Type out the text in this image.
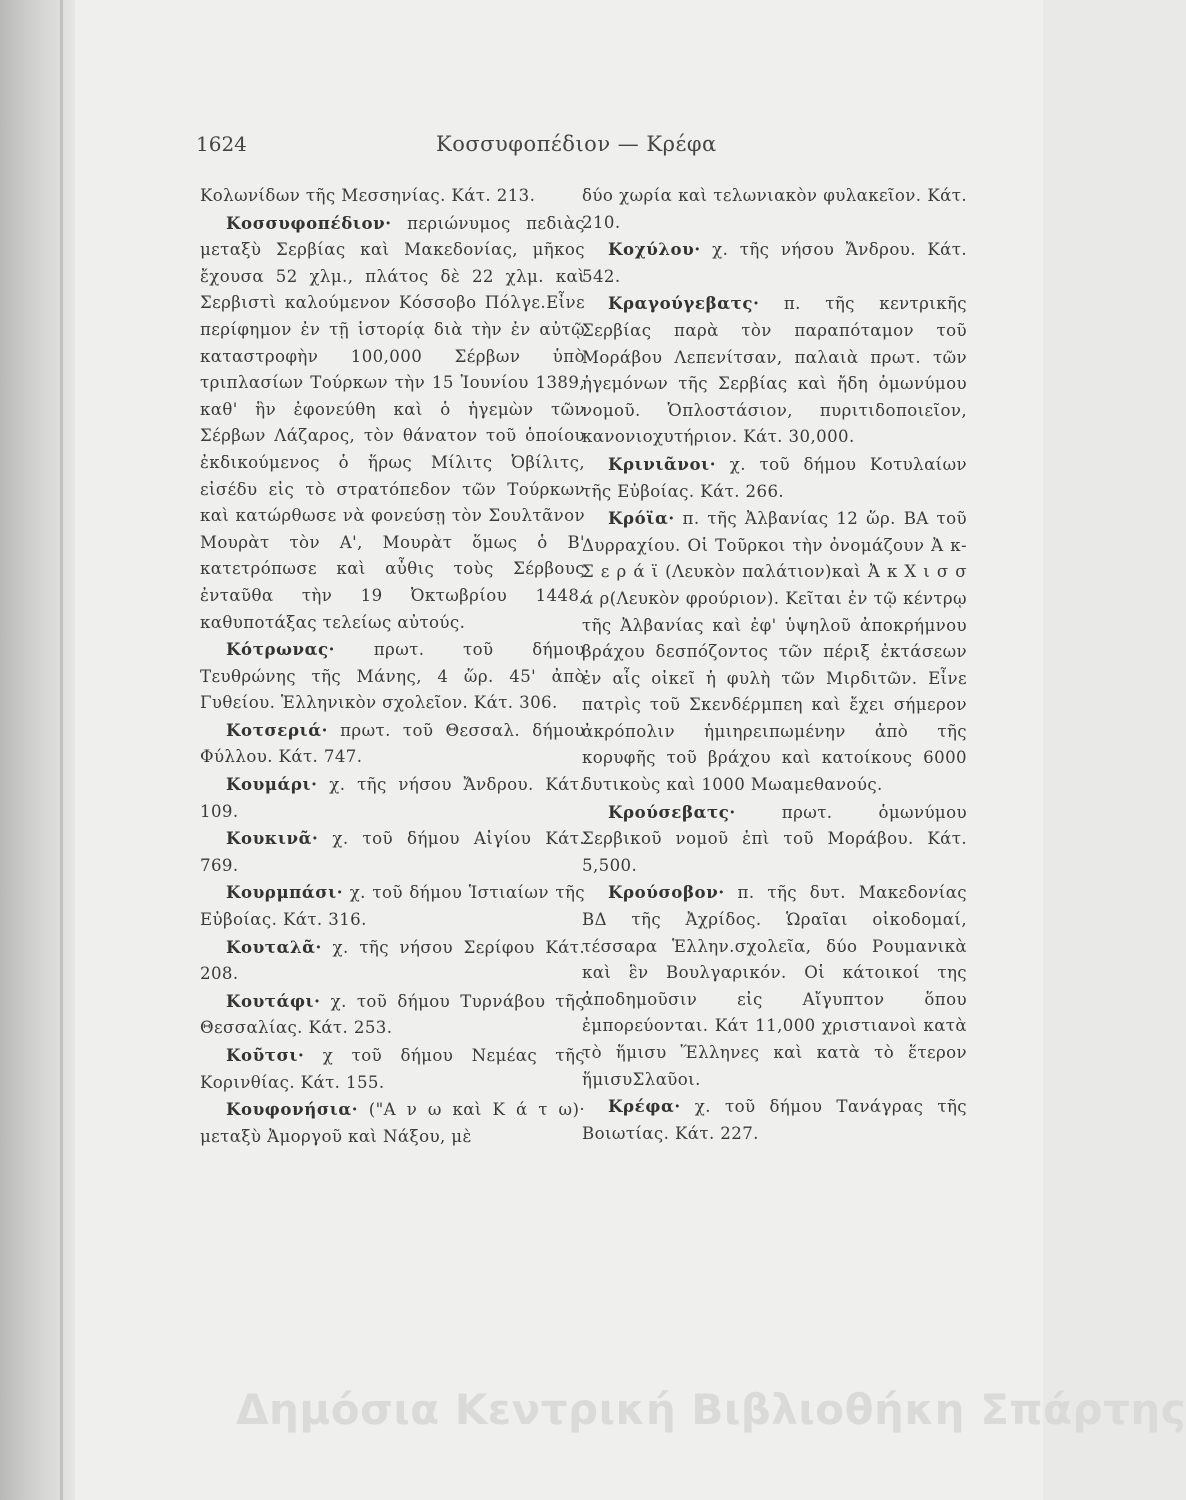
1624	Κοσσυφοπέδιον — Κρέφα

Κολωνίδων τῆς Μεσσηνίας. Κάτ. 213.

Κοσσυφοπέδιον· περιώνυμος πεδιὰς μεταξὺ Σερβίας καὶ Μακεδονίας, μῆκος ἔχουσα 52 χλμ., πλάτος δὲ 22 χλμ. καὶ Σερβιστὶ καλούμενον Κόσσοβο Πόλγε.Εἶνε περίφημον ἐν τῇ ἱστορίᾳ διὰ τὴν ἐν αὐτῷ καταστροφὴν 100,000 Σέρβων ὑπὸ τριπλασίων Τούρκων τὴν 15 Ἰουνίου 1389, καθ' ἣν ἐφονεύθη καὶ ὁ ἡγεμὼν τῶν Σέρβων Λάζαρος, τὸν θάνατον τοῦ ὁποίου ἐκδικούμενος ὁ ἥρως Μίλιτς Ὀβίλιτς, εἰσέδυ εἰς τὸ στρατόπεδον τῶν Τούρκων καὶ κατώρθωσε νὰ φονεύσῃ τὸν Σουλτᾶνον Μουρὰτ τὸν Α', Μουρὰτ ὅμως ὁ Β' κατετρόπωσε καὶ αὖθις τοὺς Σέρβους ἐνταῦθα τὴν 19 Ὀκτωβρίου 1448, καθυποτάξας τελείως αὐτούς.

Κότρωνας· πρωτ. τοῦ δήμου Τευθρώνης τῆς Μάνης, 4 ὥρ. 45' ἀπὸ Γυθείου. Ἑλληνικὸν σχολεῖον. Κάτ. 306.

Κοτσεριά· πρωτ. τοῦ Θεσσαλ. δήμου Φύλλου. Κάτ. 747.

Κουμάρι· χ. τῆς νήσου Ἄνδρου. Κάτ. 109.

Κουκινᾶ· χ. τοῦ δήμου Αἰγίου Κάτ. 769.

Κουρμπάσι· χ. τοῦ δήμου Ἱστιαίων τῆς Εὐβοίας. Κάτ. 316.

Κουταλᾶ· χ. τῆς νήσου Σερίφου Κάτ. 208.

Κουτάφι· χ. τοῦ δήμου Τυρνάβου τῆς Θεσσαλίας. Κάτ. 253.

Κοῦτσι· χ τοῦ δήμου Νεμέας τῆς Κορινθίας. Κάτ. 155.

Κουφονήσια· ("Α ν ω καὶ Κ ά τ ω)· μεταξὺ Ἀμοργοῦ καὶ Νάξου, μὲ

δύο χωρία καὶ τελωνιακὸν φυλακεῖον. Κάτ. 210.

Κοχύλου· χ. τῆς νήσου Ἄνδρου. Κάτ. 542.

Κραγούγεβατς· π. τῆς κεντρικῆς Σερβίας παρὰ τὸν παραπόταμον τοῦ Μοράβου Λεπενίτσαν, παλαιὰ πρωτ. τῶν ἡγεμόνων τῆς Σερβίας καὶ ἤδη ὁμωνύμου νομοῦ. Ὁπλοστάσιον, πυριτιδοποιεῖον, κανονιοχυτήριον. Κάτ. 30,000.

Κρινιᾶνοι· χ. τοῦ δήμου Κοτυλαίων τῆς Εὐβοίας. Κάτ. 266.

Κρόϊα· π. τῆς Ἀλβανίας 12 ὥρ. ΒΑ τοῦ Δυρραχίου. Οἱ Τοῦρκοι τὴν ὀνομάζουν Ἀ κ-Σ ε ρ ά ϊ (Λευκὸν παλάτιον)καὶ Ἀ κ Χ ι σ σ ά ρ(Λευκὸν φρούριον). Κεῖται ἐν τῷ κέντρῳ τῆς Ἀλβανίας καὶ ἐφ' ὑψηλοῦ ἀποκρήμνου βράχου δεσπόζοντος τῶν πέριξ ἐκτάσεων ἐν αἷς οἰκεῖ ἡ φυλὴ τῶν Μιρδιτῶν. Εἶνε πατρὶς τοῦ Σκενδέρμπεη καὶ ἔχει σήμερον ἀκρόπολιν ἡμιηρειπωμένην ἀπὸ τῆς κορυφῆς τοῦ βράχου καὶ κατοίκους 6000 δυτικοὺς καὶ 1000 Μωαμεθανούς.

Κρούσεβατς· πρωτ. ὁμωνύμου Σερβικοῦ νομοῦ ἐπὶ τοῦ Μοράβου. Κάτ. 5,500.

Κρούσοβον· π. τῆς δυτ. Μακεδονίας ΒΔ τῆς Ἀχρίδος. Ὡραῖαι οἰκοδομαί, τέσσαρα Ἑλλην.σχολεῖα, δύο Ρουμανικὰ καὶ ἓν Βουλγαρικόν. Οἱ κάτοικοί της ἀποδημοῦσιν εἰς Αἴγυπτον ὅπου ἐμπορεύονται. Κάτ 11,000 χριστιανοὶ κατὰ τὸ ἥμισυ Ἕλληνες καὶ κατὰ τὸ ἕτερον ἥμισυΣλαῦοι.

Κρέφα· χ. τοῦ δήμου Τανάγρας τῆς Βοιωτίας. Κάτ. 227.

Δημόσια Κεντρική Βιβλιοθήκη Σπάρτης
